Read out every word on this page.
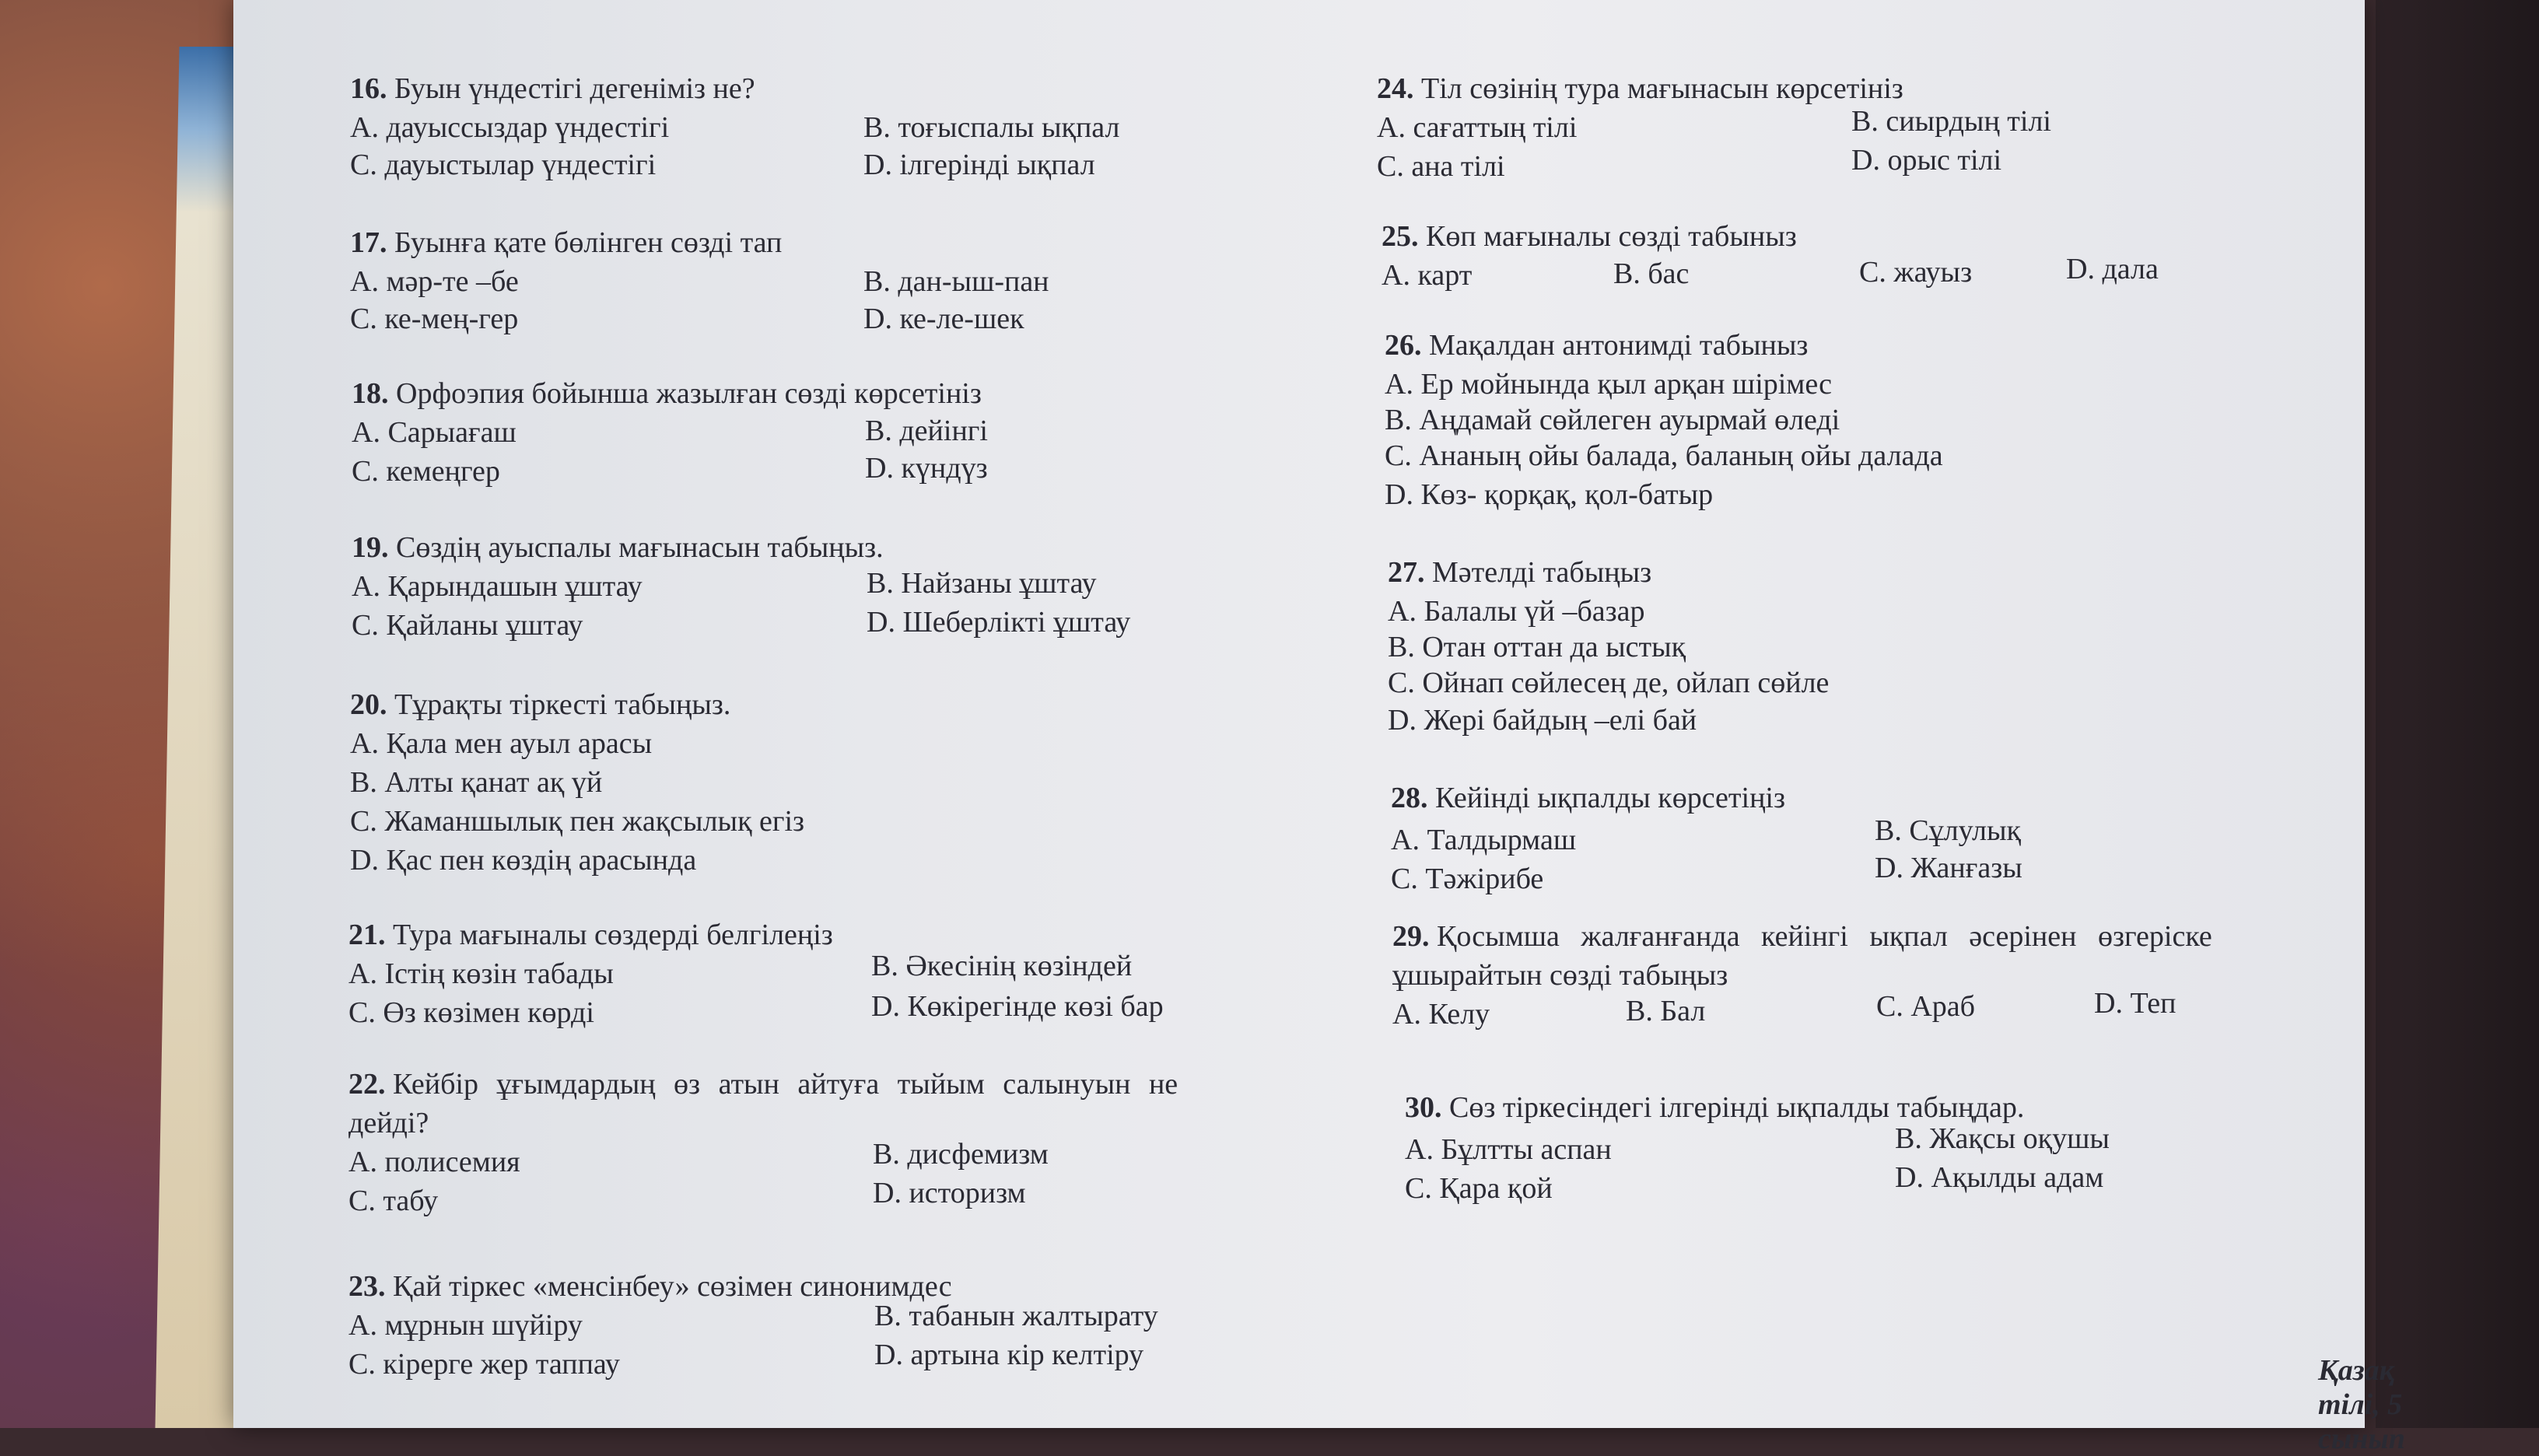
16. Буын үндестігі дегеніміз не?
A. дауыссыздар үндестігі	B. тоғыспалы ықпал
C. дауыстылар үндестігі	D. ілгерінді ықпал
17. Буынға қате бөлінген сөзді тап
A. мәр-те –бе	B. дан-ыш-пан
C. ке-мең-гер	D. ке-ле-шек
18. Орфоэпия бойынша жазылған сөзді көрсетініз
A. Сарыағаш	B. дейінгі
C. кемеңгер	D. күндүз
19. Сөздің ауыспалы мағынасын табыңыз.
A. Қарындашын ұштау	B. Найзаны ұштау
C. Қайланы ұштау	D. Шеберлікті ұштау
20. Тұрақты тіркесті табыңыз.
A. Қала мен ауыл арасы
B. Алты қанат ақ үй
C. Жаманшылық пен жақсылық егіз
D. Қас пен көздің арасында
21. Тура мағыналы сөздерді белгілеңіз
A. Істің көзін табады	B. Әкесінің көзіндей
C. Өз көзімен көрді	D. Көкірегінде көзі бар
22. Кейбір ұғымдардың өз атын айтуға тыйым салынуын не
дейді?
A. полисемия	B. дисфемизм
C. табу	D. историзм
23. Қай тіркес «менсінбеу» сөзімен синонимдес
A. мұрнын шүйіру	B. табанын жалтырату
C. кірерге жер таппау	D. артына кір келтіру
24. Тіл сөзінің тура мағынасын көрсетініз
A. сағаттың тілі	B. сиырдың тілі
C. ана тілі	D. орыс тілі
25. Көп мағыналы сөзді табыныз
A. карт	B. бас	C. жауыз	D. дала
26. Мақалдан антонимді табыныз
A. Ер мойнында қыл арқан шірімес
B. Аңдамай сөйлеген ауырмай өледі
C. Ананың ойы балада, баланың ойы далада
D. Көз- қорқақ, қол-батыр
27. Мәтелді табыңыз
A. Балалы үй –базар
B. Отан оттан да ыстық
C. Ойнап сөйлесең де, ойлап сөйле
D. Жері байдың –елі бай
28. Кейінді ықпалды көрсетіңіз
A. Талдырмаш	B. Сұлулық
C. Тәжірибе	D. Жанғазы
29. Қосымша жалғанғанда кейінгі ықпал әсерінен өзгеріске
ұшырайтын сөзді табыңыз
A. Келу	B. Бал	C. Араб	D. Теп
30. Сөз тіркесіндегі ілгерінді ықпалды табыңдар.
A. Бұлтты аспан	B. Жақсы оқушы
C. Қара қой	D. Ақылды адам
Қазақ тілі, 5 сынып
